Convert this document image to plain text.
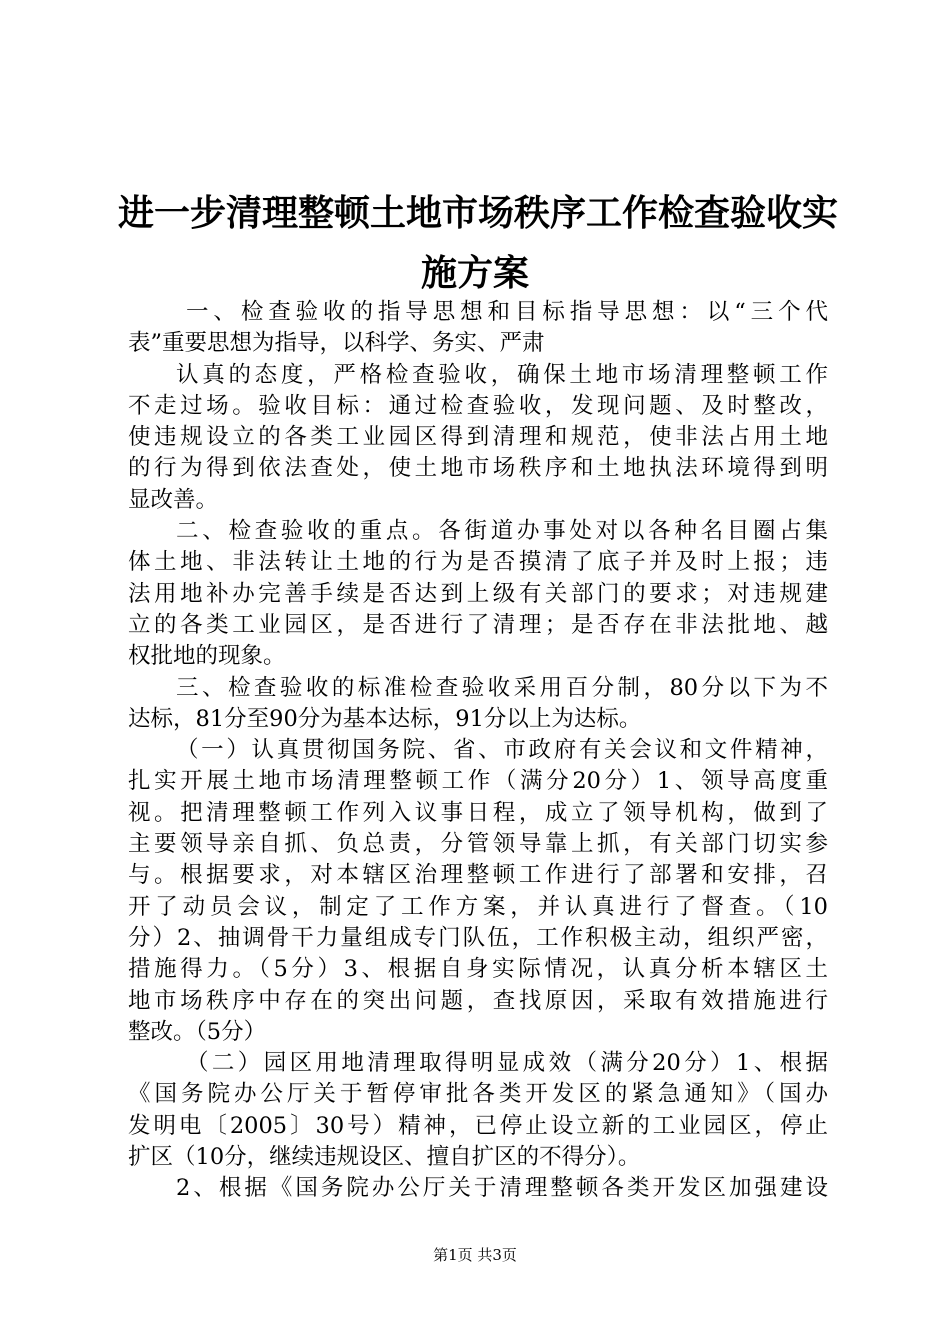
进一步清理整顿土地市场秩序工作检查验收实
施方案
一、检查验收的指导思想和目标指导思想：以“三个代
表”重要思想为指导，以科学、务实、严肃
认真的态度，严格检查验收，确保土地市场清理整顿工作
不走过场。验收目标：通过检查验收，发现问题、及时整改，
使违规设立的各类工业园区得到清理和规范，使非法占用土地
的行为得到依法查处，使土地市场秩序和土地执法环境得到明
显改善。
二、检查验收的重点。各街道办事处对以各种名目圈占集
体土地、非法转让土地的行为是否摸清了底子并及时上报；违
法用地补办完善手续是否达到上级有关部门的要求；对违规建
立的各类工业园区，是否进行了清理；是否存在非法批地、越
权批地的现象。
三、检查验收的标准检查验收采用百分制，80分以下为不
达标，81分至90分为基本达标，91分以上为达标。
（一）认真贯彻国务院、省、市政府有关会议和文件精神，
扎实开展土地市场清理整顿工作（满分20分）1、领导高度重
视。把清理整顿工作列入议事日程，成立了领导机构，做到了
主要领导亲自抓、负总责，分管领导靠上抓，有关部门切实参
与。根据要求，对本辖区治理整顿工作进行了部署和安排，召
开了动员会议，制定了工作方案，并认真进行了督查。（10
分）2、抽调骨干力量组成专门队伍，工作积极主动，组织严密，
措施得力。（5分）3、根据自身实际情况，认真分析本辖区土
地市场秩序中存在的突出问题，查找原因，采取有效措施进行
整改。（5分）
（二）园区用地清理取得明显成效（满分20分）1、根据
《国务院办公厅关于暂停审批各类开发区的紧急通知》（国办
发明电〔2005〕30号）精神，已停止设立新的工业园区，停止
扩区（10分，继续违规设区、擅自扩区的不得分）。
2、根据《国务院办公厅关于清理整顿各类开发区加强建设
第1页 共3页
